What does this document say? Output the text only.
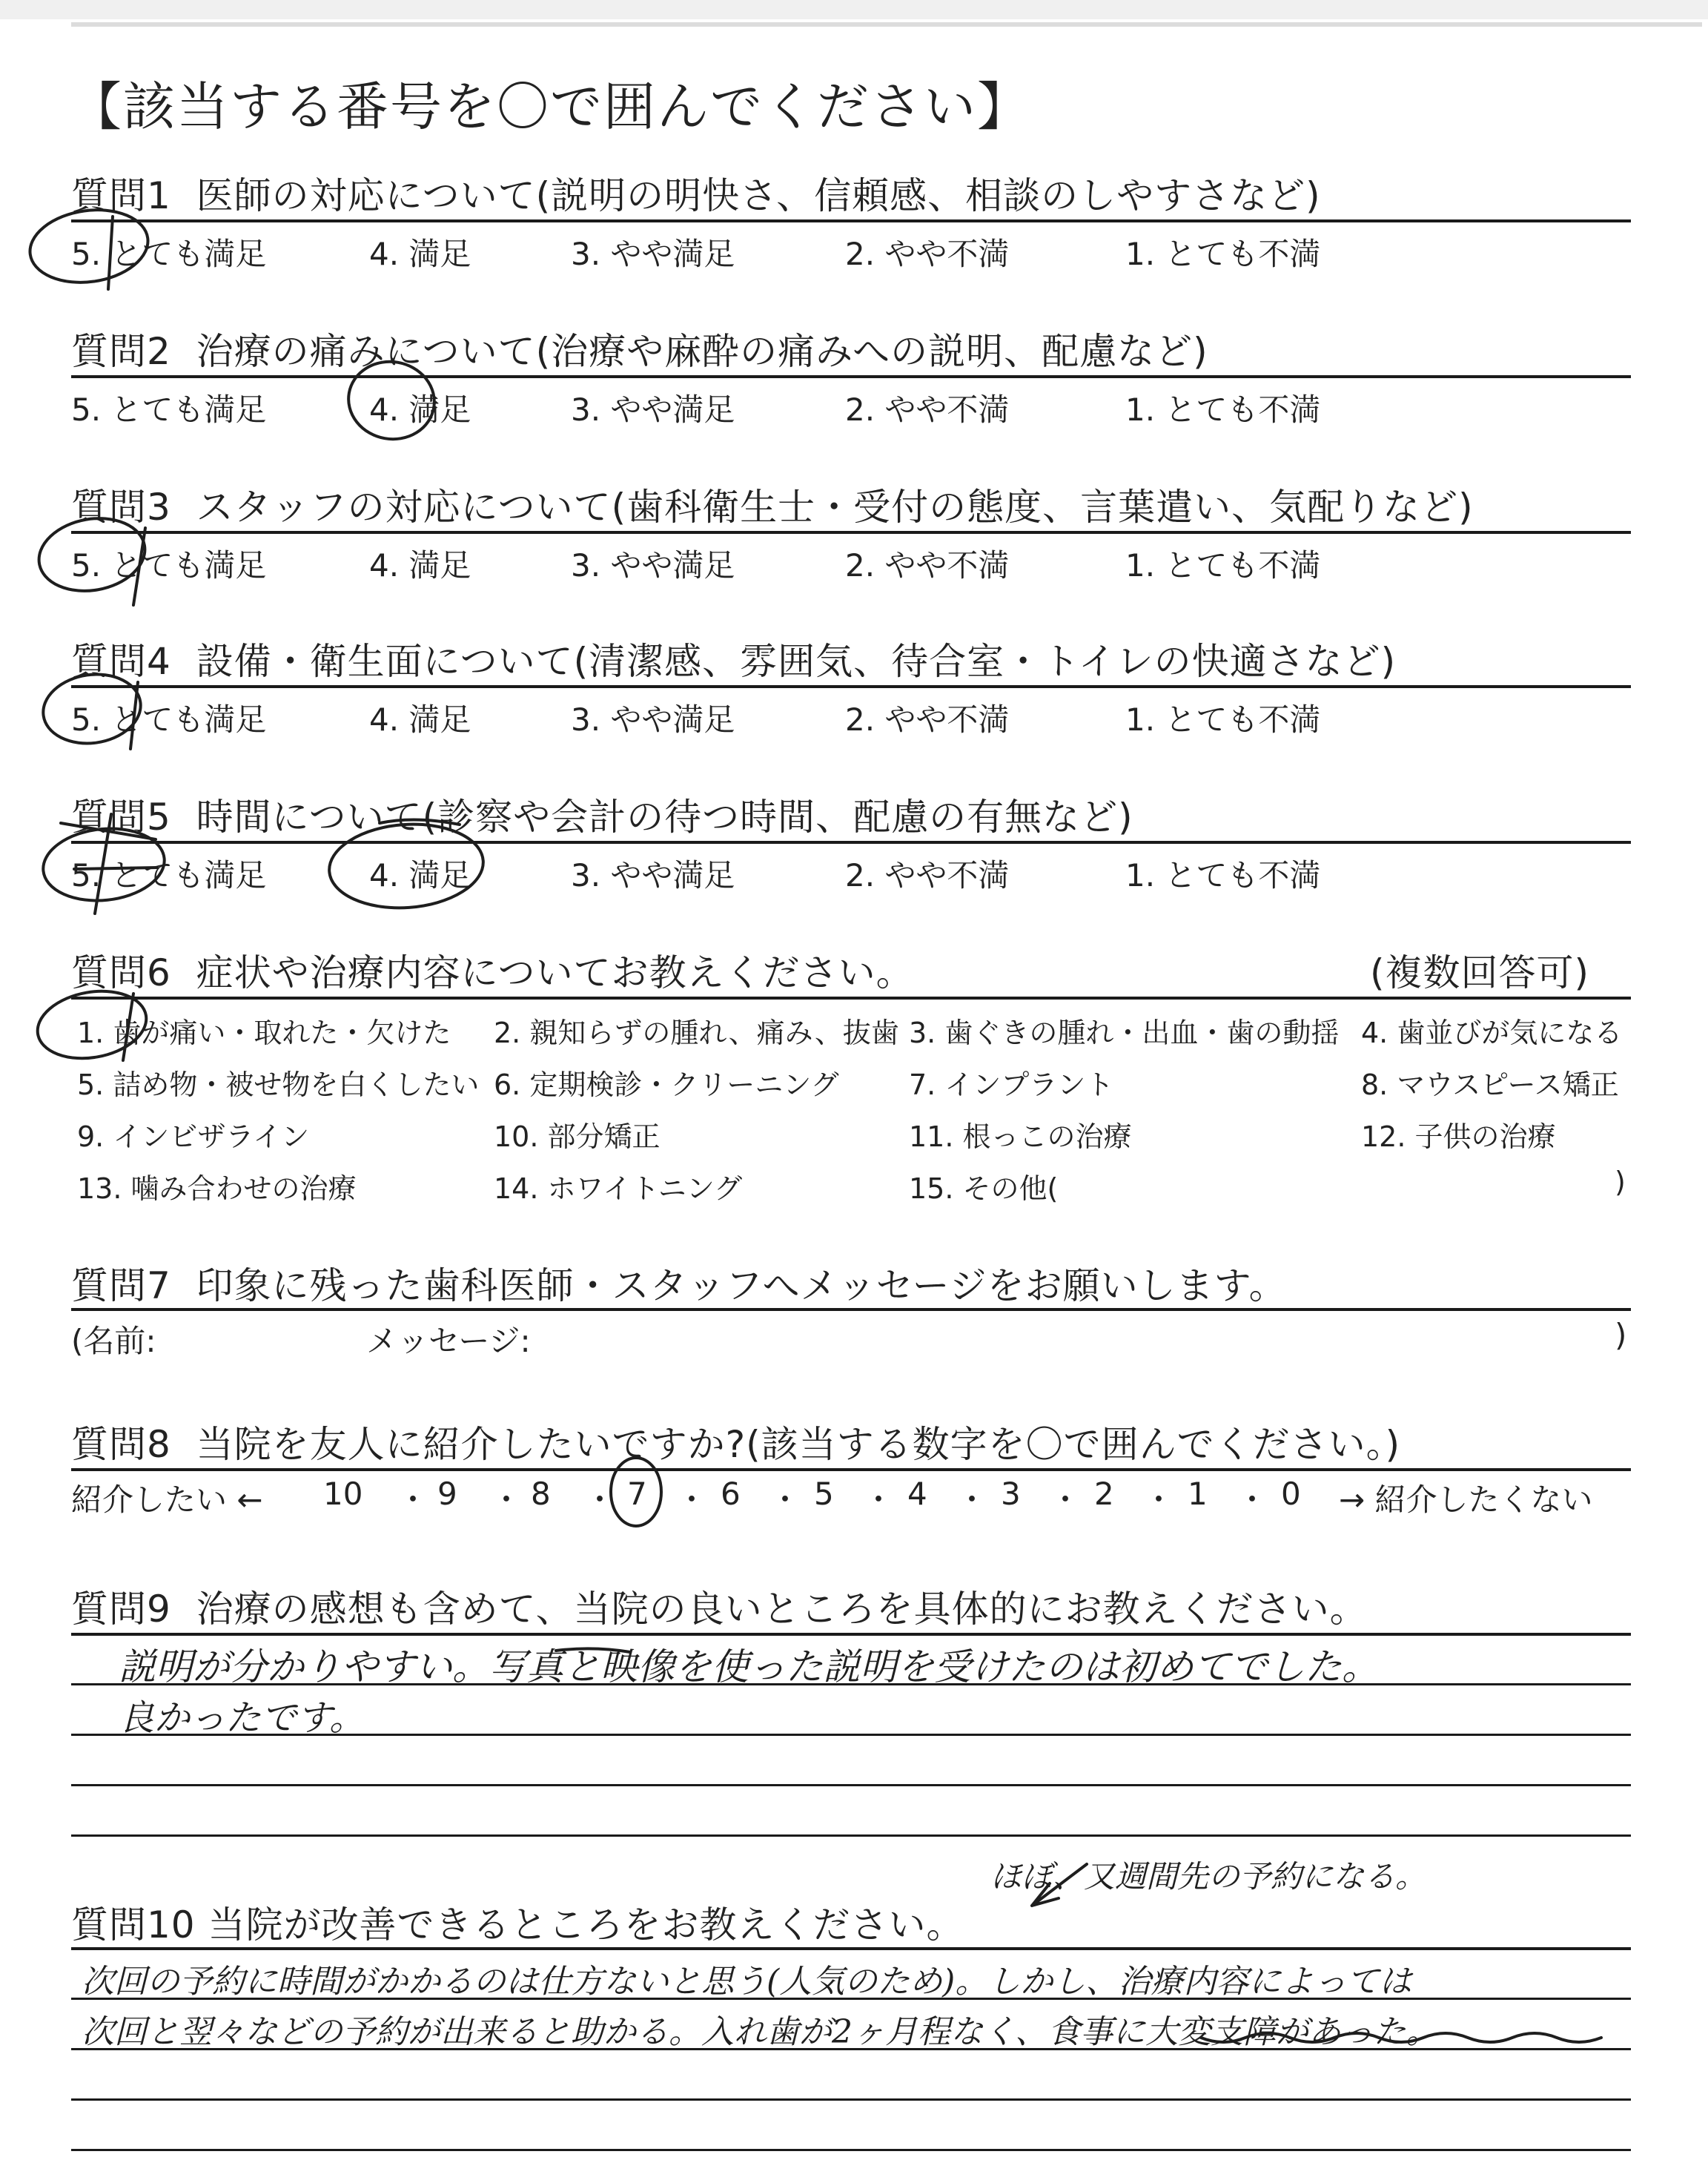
【該当する番号を〇で囲んでください】
質問1 医師の対応について(説明の明快さ、信頼感、相談のしやすさなど)
5. とても満足	4. 満足	3. やや満足	2. やや不満	1. とても不満
質問2 治療の痛みについて(治療や麻酔の痛みへの説明、配慮など)
5. とても満足	4. 満足	3. やや満足	2. やや不満	1. とても不満
質問3 スタッフの対応について(歯科衛生士・受付の態度、言葉遣い、気配りなど)
5. とても満足	4. 満足	3. やや満足	2. やや不満	1. とても不満
質問4 設備・衛生面について(清潔感、雰囲気、待合室・トイレの快適さなど)
5. とても満足	4. 満足	3. やや満足	2. やや不満	1. とても不満
質問5 時間について(診察や会計の待つ時間、配慮の有無など)
5. とても満足	4. 満足	3. やや満足	2. やや不満	1. とても不満
質問6 症状や治療内容についてお教えください。	(複数回答可)
1. 歯が痛い・取れた・欠けた 2. 親知らずの腫れ、痛み、抜歯 3. 歯ぐきの腫れ・出血・歯の動揺 4. 歯並びが気になる
5. 詰め物・被せ物を白くしたい 6. 定期検診・クリーニング 7. インプラント	8. マウスピース矯正
9. インビザライン	10. 部分矯正	11. 根っこの治療	12. 子供の治療
13. 噛み合わせの治療	14. ホワイトニング	15. その他(	)
質問7 印象に残った歯科医師・スタッフへメッセージをお願いします。
(名前:	メッセージ:	)
質問8 当院を友人に紹介したいですか?(該当する数字を〇で囲んでください。)
紹介したい ← 10 ・ 9 ・ 8 ・ 7 ・ 6 ・ 5 ・ 4 ・ 3 ・ 2 ・ 1 ・ 0 → 紹介したくない
質問9 治療の感想も含めて、当院の良いところを具体的にお教えください。
説明が分かりやすい。写真と映像を使った説明を受けたのは初めてでした。
良かったです。
質問10 当院が改善できるところをお教えください。
ほぼ、又週間先の予約になる。
次回の予約に時間がかかるのは仕方ないと思う(人気のため)。しかし、治療内容によっては
次回と翌々などの予約が出来ると助かる。入れ歯が2ヶ月程なく、食事に大変支障があった。
